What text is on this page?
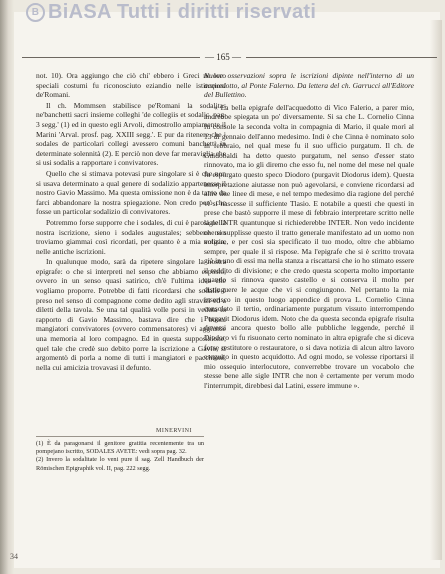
B BiASA Tutti i diritti riservati
— 165 —

not. 10). Ora aggiungo che ciò chi' ebbero i Greci ne loro speciali costumi fu riconosciuto eziandio nelle istituzioni de'Romani.

Il ch. Mommsen stabilisce pe'Romani la sodalitas ne'banchetti sacri insieme colleghi 'de collegiis et sodalic. pag. 3 segg.' (1) ed in questo egli Arvoli, dimostrollo ampiamente il Marini 'Arval. prosf. pag. XXIII segg.'. E pur da ritenere che i sodales de particolari collegi avessero comuni banchetti in determinate solennità (2). E perciò non deve far meraviglia che si usi sodalis a rapportare i convivatores.

Quello che si stimava potevasi pure singolare si è che non si usava determinato a qual genere di sodalizio appartenesse il nostro Gavio Massimo. Ma questa omissione non è da tanto da farci abbandonare la nostra spiegazione. Non credo però che fosse un particolar sodalizio di convivatores.

Potremmo forse supporre che i sodales, di cui è parola nella nostra iscrizione, sieno i sodales augustales; sebbene non troviamo giammai così ricordati, per quanto è a mia notizia, nelle antiche iscrizioni.

In qualunque modo, sarà da ripetere singolare la nostra epigrafe: o che si interpreti nel senso che abbiamo esposto, ovvero in un senso quasi satirico, ch'è l'ultima idea che vogliamo proporre. Potrebbe di fatti ricordarsi che sodalis è preso nel senso di compagnone come dedito agli stravizi ed a diletti della tavola. Se una tal qualità volle porsi in veduta in rapporto di Gavio Massimo, bastava dire che i buoni mangiatori convivatores (ovvero commensatores) vi aggiunse una memoria al loro compagno. Ed in questa supposizione, quel tale che credè suo debito porre la iscrizione a Gavio, si argomentò di porla a nome di tutti i mangiatori e pacchioni, nella cui amicizia trovavasi il defunto.

MINERVINI

(1) È da paragonarsi il genitore gratitia recentemente tra un pompejano iscritto, SODALES AVETE: vedi sopra pag. 32.

(2) Invero la sodalitate lo veni pure il sag. Zell Handbuch der Römischen Epigraphik vol. II, pag. 222 segg.

Nuove osservazioni sopra le iscrizioni dipinte nell'interno di un acquedotto, al Ponte Falerno. Da lettera del ch. Garrucci all'Editore del Bullettino.

« La bella epigrafe dell'acquedotto di Vico Falerio, a parer mio, andrebbe spiegata un po' diversamente. Si sa che L. Cornelio Cinna fu console la seconda volta in compagnia di Mario, il quale morì al 13 di gennaio dell'anno medesimo. Indi è che Cinna è nominato solo in febbraio, nel qual mese fu il suo ufficio purgatum. Il ch. de Guidobaldi ha detto questo purgatum, nel senso d'esser stato rinnovato, ma io gli diremo che esso fu, nel nome del mese nel quale fu espurgato questo speco Diodoro (purgavit Diodorus idem). Questa interpretazione aiutasse non può agevolarsi, e conviene ricordarsi ad altre due linee di mese, e nel tempo medesimo dia ragione del perché vi si nascesse il sufficiente Tlasio. E notabile a questi che questi in prese che bastò supporre il mese di febbraio interpretare scritto nelle sigle INTR quantunque si richiederebbe INTER. Non vedo incidente che si supplisse questo il tratto generale manifestato ad un uomo non volgare, e per così sia specificato il tuo modo, oltre che abbiamo sempre, per quale il sì rispose. Ma l'epigrafe che si è scritto trovata già in uno di essi ma nella stanza a riscattarsi che io ho stimato essere il reddito di divisione; e che credo questa scoperta molto importante quando si rinnova questo castello e si conserva il molto per distinguere le acque che vi si congiungono. Nel pertanto la mia inserisco in questo luogo appendice di prova L. Cornelio Cinna consolato il tertio, ordinariamente purgatum vissuto interrompendo Purgavit Diodorus idem. Noto che da questa seconda epigrafe risulta doversi ancora questo bollo alle pubbliche leggende, perché il Diodoro vi fu risuonato certo nominato in altra epigrafe che si diceva forse restitutore o restauratore, o si dava notizia di alcun altro lavoro eseguito in questo acquidotto. Ad ogni modo, se volesse riportarsi il mio ossequio interlocutore, converrebbe trovare un vocabolo che stesse bene alle sigle INTR che non è certamente per verum modo l'interrumpit, direbbesi dal Latini, essere immune ».

34
